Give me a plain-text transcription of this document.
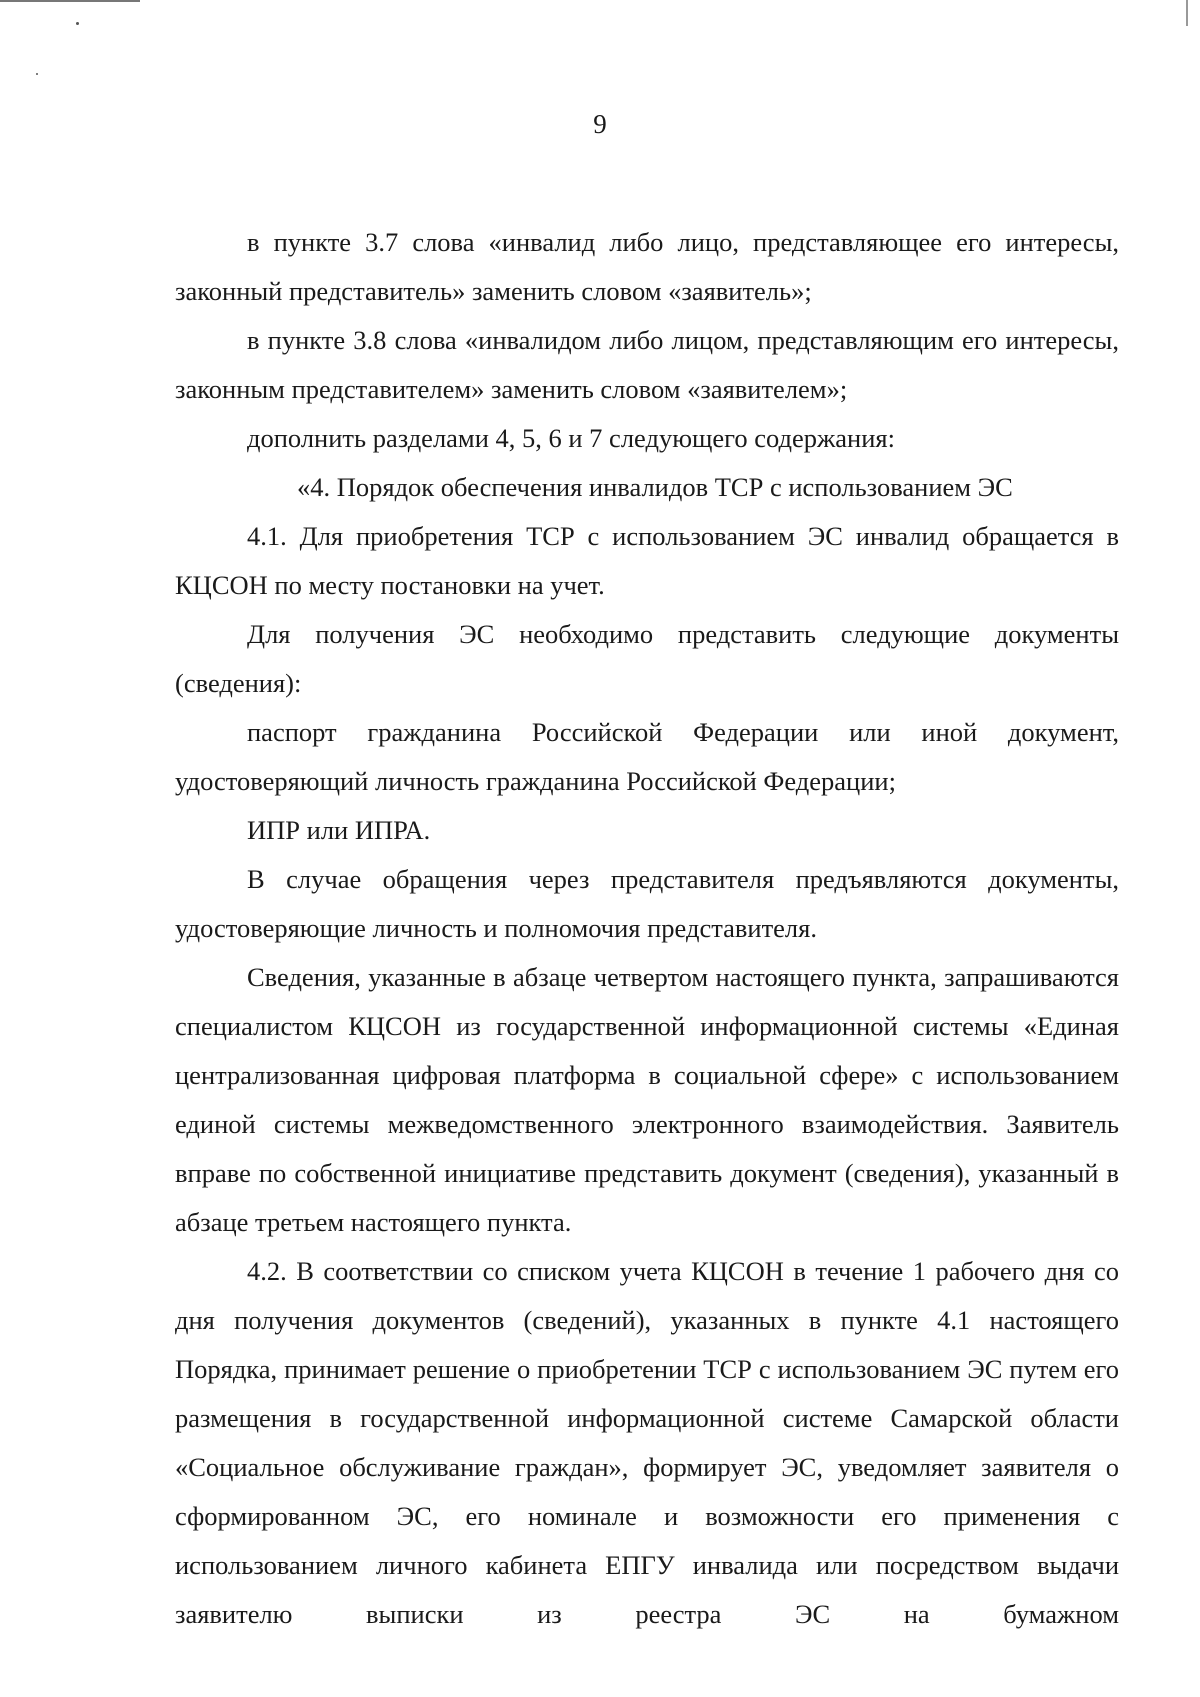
9

в пункте 3.7 слова «инвалид либо лицо, представляющее его интересы, законный представитель» заменить словом «заявитель»;

в пункте 3.8 слова «инвалидом либо лицом, представляющим его интересы, законным представителем» заменить словом «заявителем»;

дополнить разделами 4, 5, 6 и 7 следующего содержания:

«4. Порядок обеспечения инвалидов ТСР с использованием ЭС

4.1. Для приобретения ТСР с использованием ЭС инвалид обращается в КЦСОН по месту постановки на учет.

Для получения ЭС необходимо представить следующие документы (сведения):

паспорт гражданина Российской Федерации или иной документ, удостоверяющий личность гражданина Российской Федерации;

ИПР или ИПРА.

В случае обращения через представителя предъявляются документы, удостоверяющие личность и полномочия представителя.

Сведения, указанные в абзаце четвертом настоящего пункта, запрашиваются специалистом КЦСОН из государственной информационной системы «Единая централизованная цифровая платформа в социальной сфере» с использованием единой системы межведомственного электронного взаимодействия. Заявитель вправе по собственной инициативе представить документ (сведения), указанный в абзаце третьем настоящего пункта.

4.2. В соответствии со списком учета КЦСОН в течение 1 рабочего дня со дня получения документов (сведений), указанных в пункте 4.1 настоящего Порядка, принимает решение о приобретении ТСР с использованием ЭС путем его размещения в государственной информационной системе Самарской области «Социальное обслуживание граждан», формирует ЭС, уведомляет заявителя о сформированном ЭС, его номинале и возможности его применения с использованием личного кабинета ЕПГУ инвалида или посредством выдачи заявителю выписки из реестра ЭС на бумажном
